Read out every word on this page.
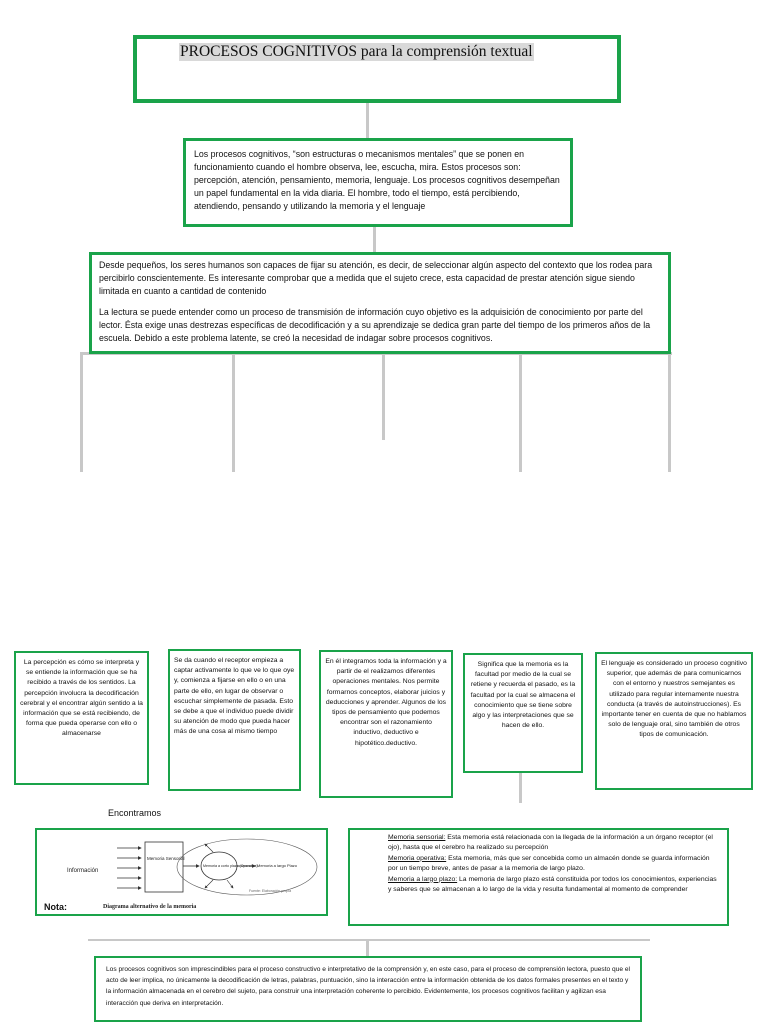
PROCESOS COGNITIVOS para la comprensión textual

Los procesos cognitivos, “son estructuras o mecanismos mentales” que se ponen en funcionamiento cuando el hombre observa, lee, escucha, mira. Estos procesos son: percepción, atención, pensamiento, memoria, lenguaje. Los procesos cognitivos desempeñan un papel fundamental en la vida diaria. El hombre, todo el tiempo, está percibiendo, atendiendo, pensando y utilizando la memoria y el lenguaje

Desde pequeños, los seres humanos son capaces de fijar su atención, es decir, de seleccionar algún aspecto del contexto que los rodea para percibirlo conscientemente. Es interesante comprobar que a medida que el sujeto crece, esta capacidad de prestar atención sigue siendo limitada en cuanto a cantidad de contenido

La lectura se puede entender como un proceso de transmisión de información cuyo objetivo es la adquisición de conocimiento por parte del lector. Ésta exige unas destrezas específicas de decodificación y a su aprendizaje se dedica gran parte del tiempo de los primeros años de la escuela. Debido a este problema latente, se creó la necesidad de indagar sobre procesos cognitivos.

La percepción es cómo se interpreta y se entiende la información que se ha recibido a través de los sentidos. La percepción involucra la decodificación cerebral y el encontrar algún sentido a la información que se está recibiendo, de forma que pueda operarse con ello o almacenarse

Se da cuando el receptor empieza a captar activamente lo que ve lo que oye y, comienza a fijarse en ello o en una parte de ello, en lugar de observar o escuchar simplemente de pasada. Esto se debe a que el individuo puede dividir su atención de modo que pueda hacer más de una cosa al mismo tiempo

En él integramos toda la información y a partir de el realizamos diferentes operaciones mentales. Nos permite formarnos conceptos, elaborar juicios y deducciones y aprender. Algunos de los tipos de pensamiento que podemos encontrar son el razonamiento inductivo, deductivo e hipotético.deductivo.

Significa que la memoria es la facultad por medio de la cual se retiene y recuerda el pasado, es la facultad por la cual se almacena el conocimiento que se tiene sobre algo y las interpretaciones que se hacen de ello.

El lenguaje es considerado un proceso cognitivo superior, que además de para comunicarnos con el entorno y nuestros semejantes es utilizado para regular internamente nuestra conducta (a través de autoinstrucciones). Es importante tener en cuenta de que no hablamos solo de lenguaje oral, sino también de otros tipos de comunicación.

Encontramos
Información
Memoria Sensorial
Memoria a corto plazo (Operativa) Memoria a largo Plazo
Fuente: Elaboración propia
Diagrama alternativo de la memoria
Nota:

Memoria sensorial: Esta memoria está relacionada con la llegada de la información a un órgano receptor (el ojo), hasta que el cerebro ha realizado su percepción

Memoria operativa: Esta memoria, más que ser concebida como un almacén donde se guarda información por un tiempo breve, antes de pasar a la memoria de largo plazo.

Memoria a largo plazo: La memoria de largo plazo está constituida por todos los conocimientos, experiencias y saberes que se almacenan a lo largo de la vida y resulta fundamental al momento de comprender

Los procesos cognitivos son imprescindibles para el proceso constructivo e interpretativo de la comprensión y, en este caso, para el proceso de comprensión lectora, puesto que el acto de leer implica, no únicamente la decodificación de letras, palabras, puntuación, sino la interacción entre la información obtenida de los datos formales presentes en el texto y la información almacenada en el cerebro del sujeto, para construir una interpretación coherente lo percibido. Evidentemente, los procesos cognitivos facilitan y agilizan esa interacción que deriva en interpretación.
